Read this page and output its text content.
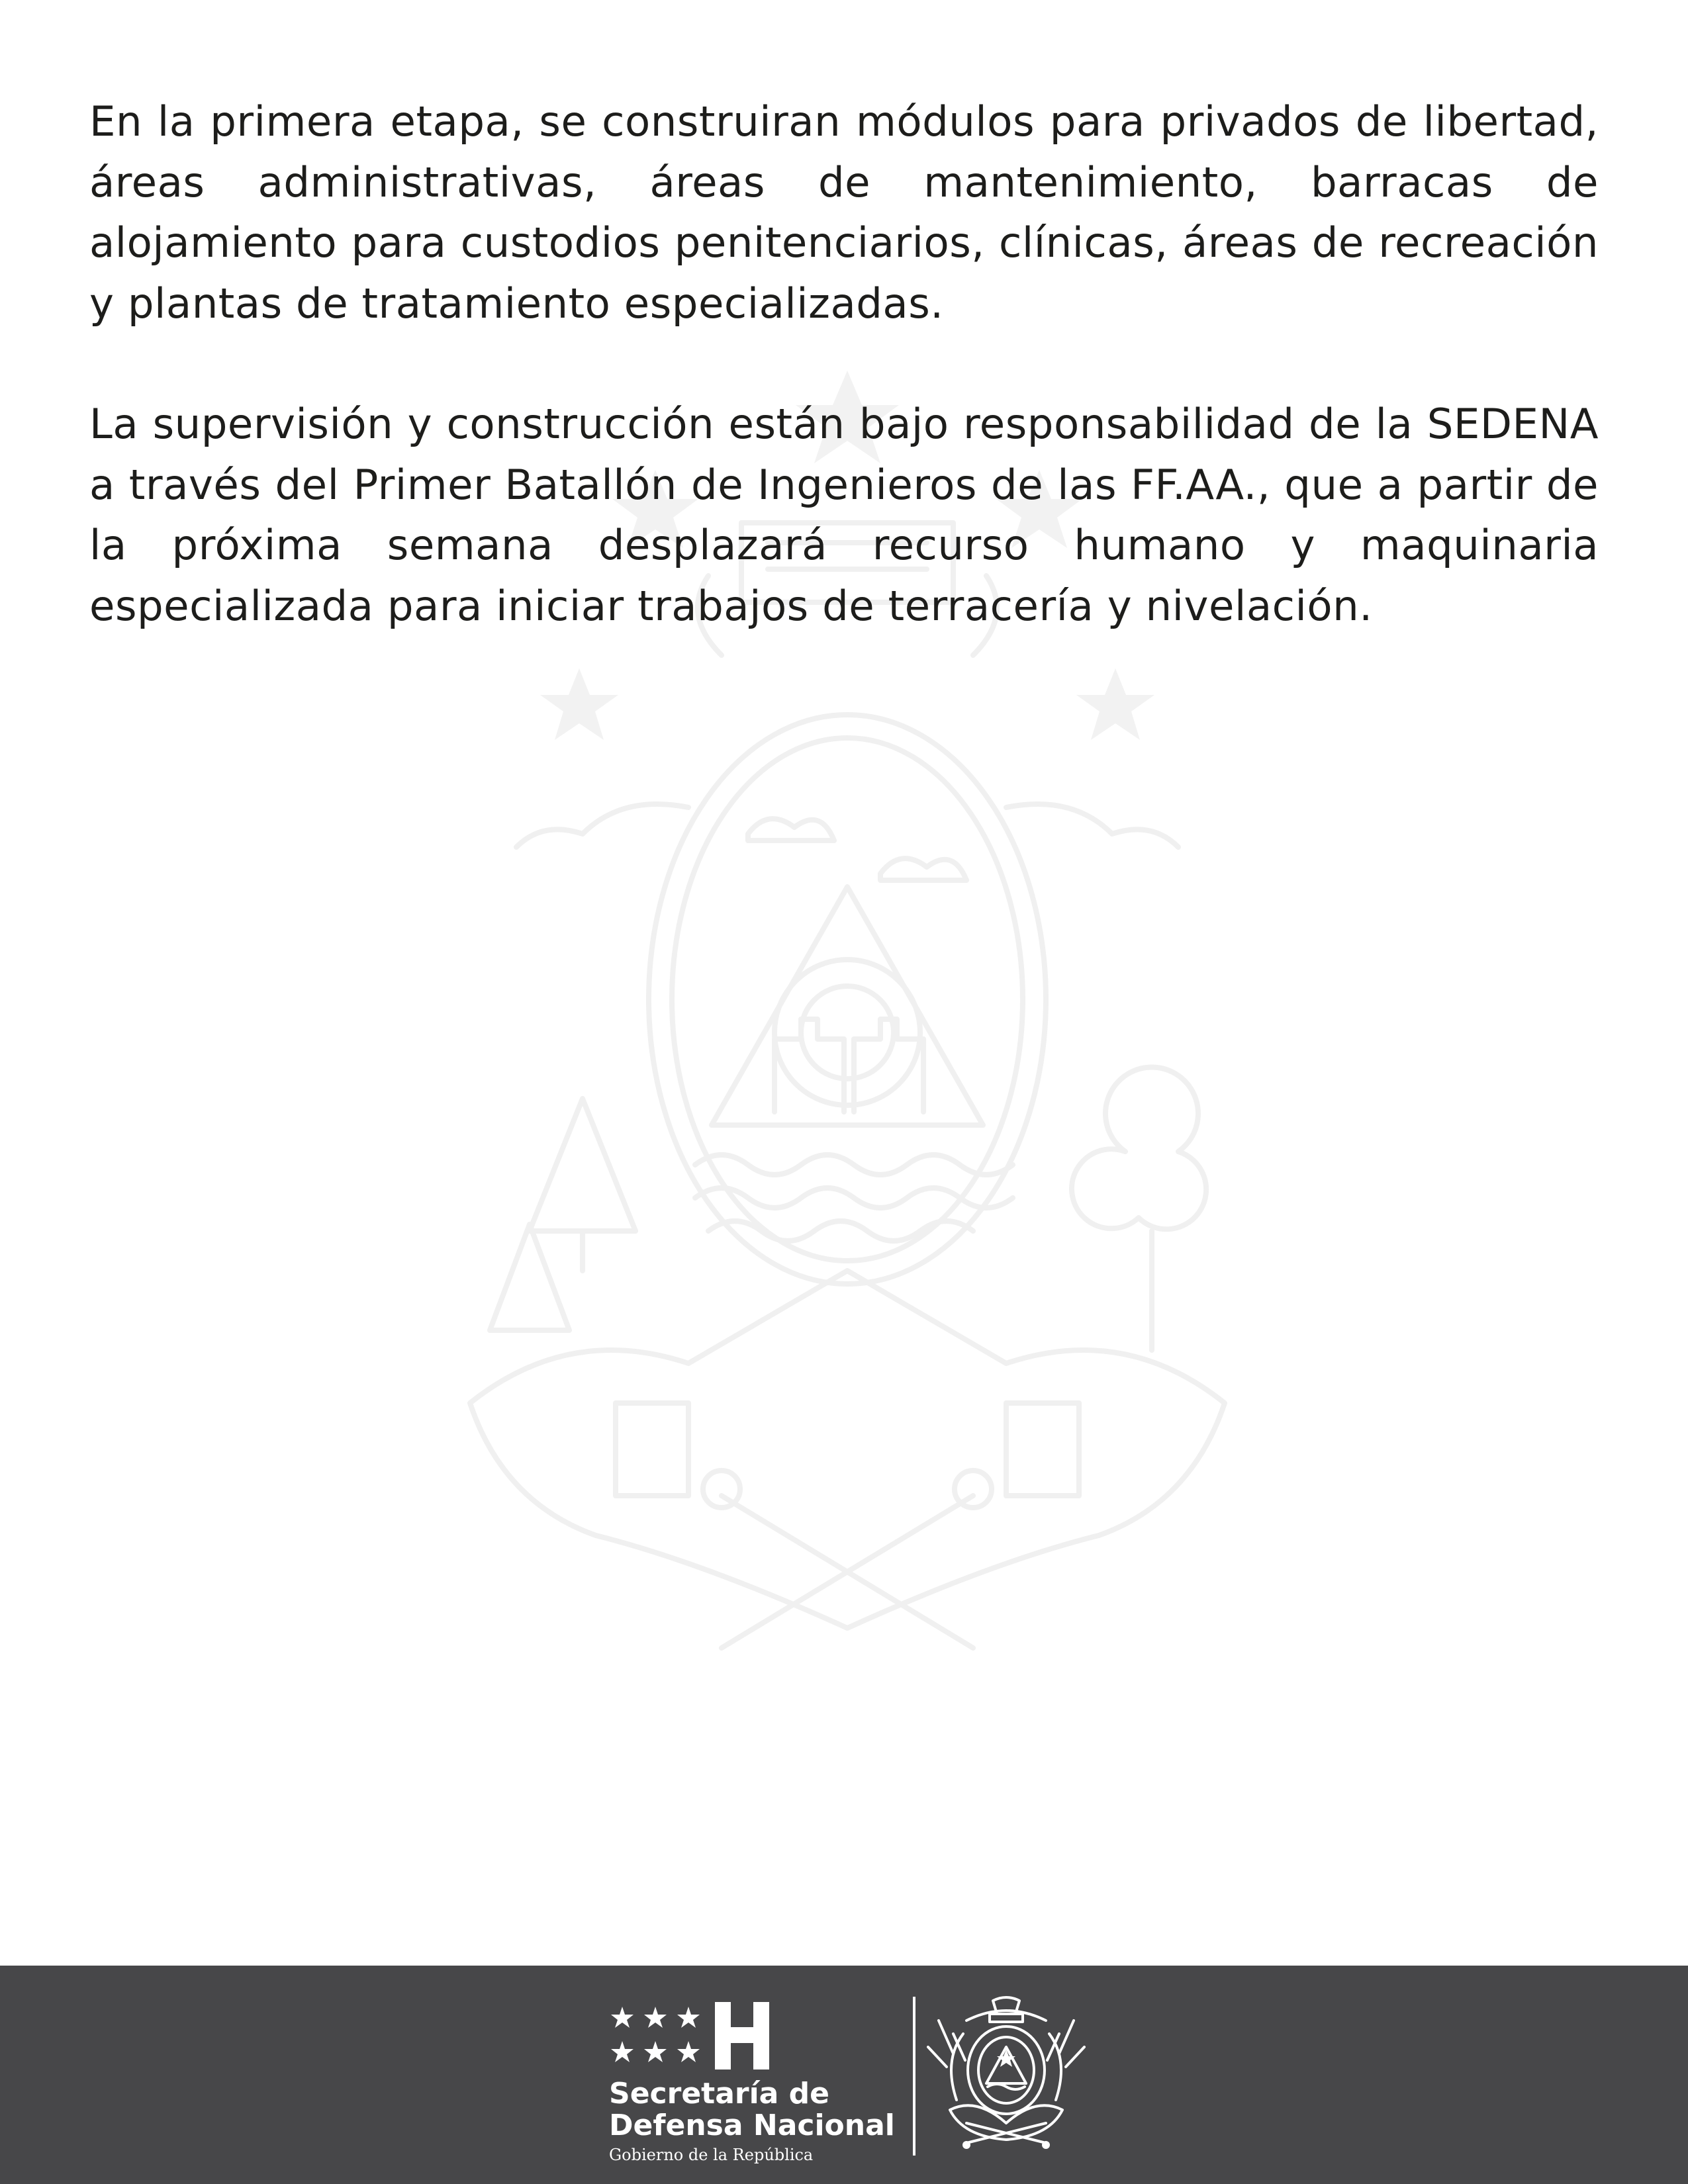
En la primera etapa, se construiran módulos para privados de libertad, áreas administrativas, áreas de mantenimiento, barracas de alojamiento para custodios penitenciarios, clínicas, áreas de recreación y plantas de tratamiento especializadas.

La supervisión y construcción están bajo responsabilidad de la SEDENA a través del Primer Batallón de Ingenieros de las FF.AA., que a partir de la próxima semana desplazará recurso humano y maquinaria especializada para iniciar trabajos de terracería y nivelación.

Secretaría de
Defensa Nacional
Gobierno de la República
